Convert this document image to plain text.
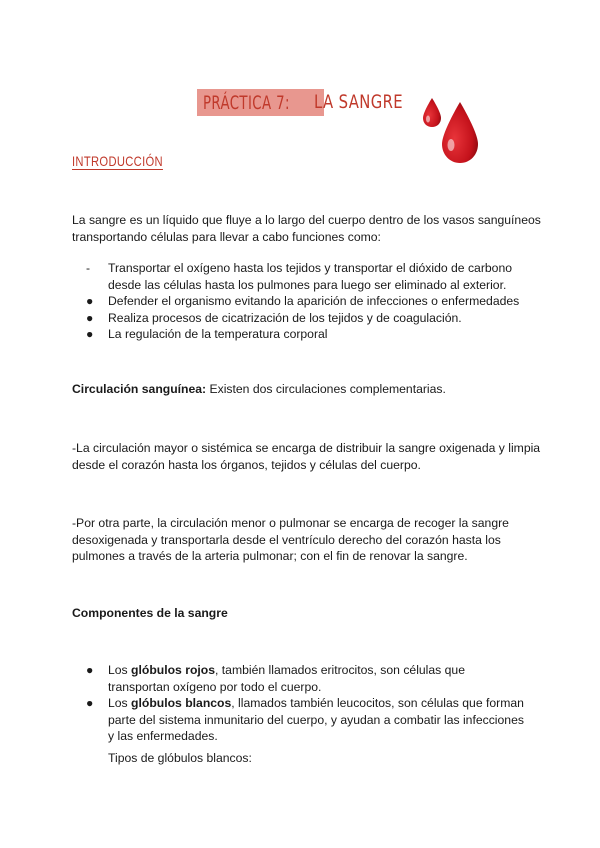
PRÁCTICA 7:	LA SANGRE
INTRODUCCIÓN
La sangre es un líquido que fluye a lo largo del cuerpo dentro de los vasos sanguíneos transportando células para llevar a cabo funciones como:
-	Transportar el oxígeno hasta los tejidos y transportar el dióxido de carbono desde las células hasta los pulmones para luego ser eliminado al exterior.
●	Defender el organismo evitando la aparición de infecciones o enfermedades
●	Realiza procesos de cicatrización de los tejidos y de coagulación.
●	La regulación de la temperatura corporal
Circulación sanguínea: Existen dos circulaciones complementarias.
-La circulación mayor o sistémica se encarga de distribuir la sangre oxigenada y limpia desde el corazón hasta los órganos, tejidos y células del cuerpo.
-Por otra parte, la circulación menor o pulmonar se encarga de recoger la sangre desoxigenada y transportarla desde el ventrículo derecho del corazón hasta los pulmones a través de la arteria pulmonar; con el fin de renovar la sangre.
Componentes de la sangre
●	Los glóbulos rojos, también llamados eritrocitos, son células que transportan oxígeno por todo el cuerpo.
●	Los glóbulos blancos, llamados también leucocitos, son células que forman parte del sistema inmunitario del cuerpo, y ayudan a combatir las infecciones y las enfermedades.
Tipos de glóbulos blancos:
